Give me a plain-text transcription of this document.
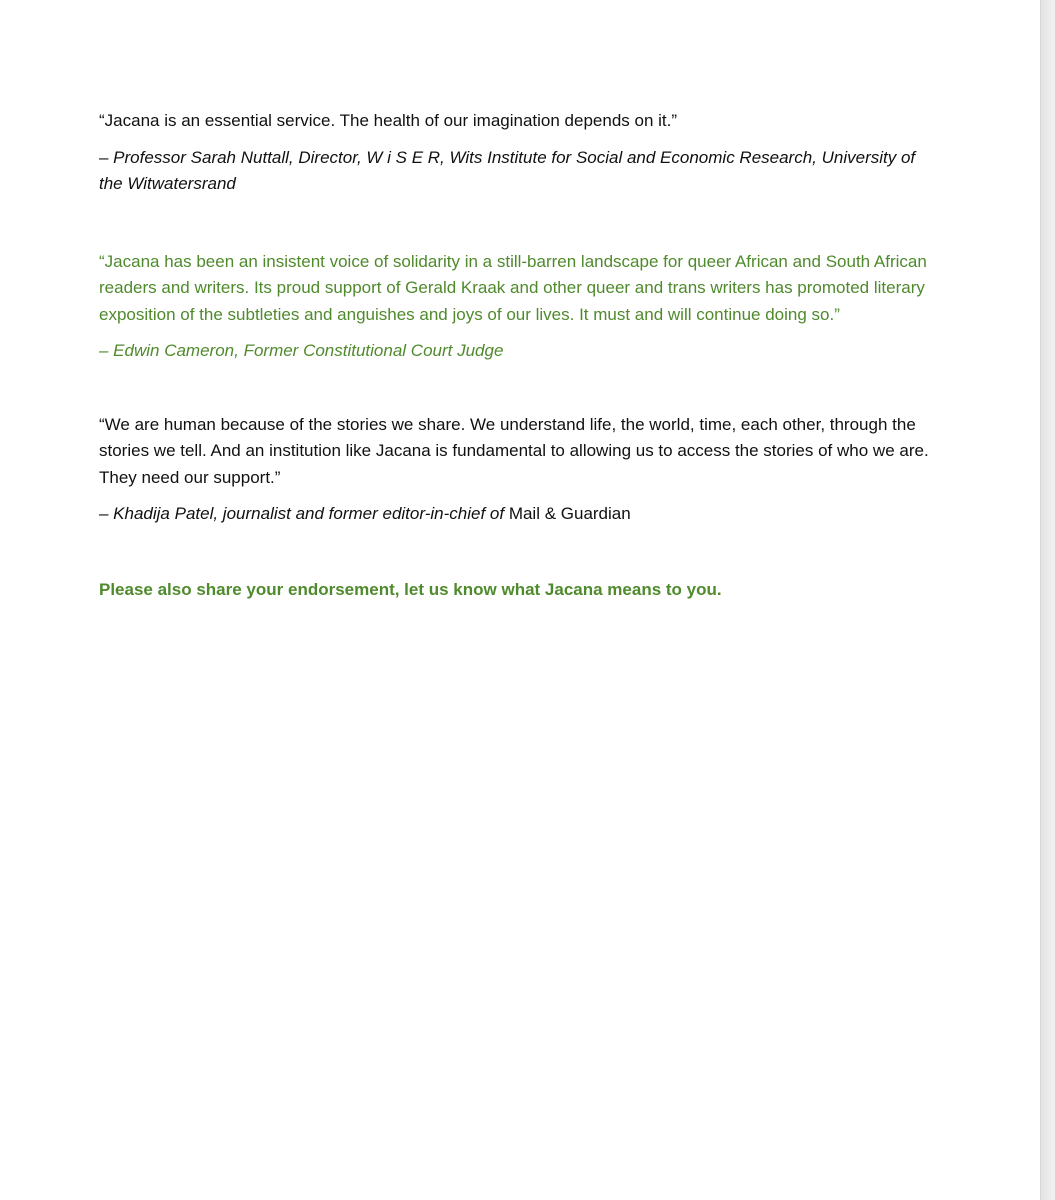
“Jacana is an essential service. The health of our imagination depends on it.”

– Professor Sarah Nuttall, Director, W i S E R, Wits Institute for Social and Economic Research, University of the Witwatersrand

“Jacana has been an insistent voice of solidarity in a still-barren landscape for queer African and South African readers and writers. Its proud support of Gerald Kraak and other queer and trans writers has promoted literary exposition of the subtleties and anguishes and joys of our lives. It must and will continue doing so.”

– Edwin Cameron, Former Constitutional Court Judge

“We are human because of the stories we share. We understand life, the world, time, each other, through the stories we tell. And an institution like Jacana is fundamental to allowing us to access the stories of who we are. They need our support.”

– Khadija Patel, journalist and former editor-in-chief of Mail & Guardian

Please also share your endorsement, let us know what Jacana means to you.
